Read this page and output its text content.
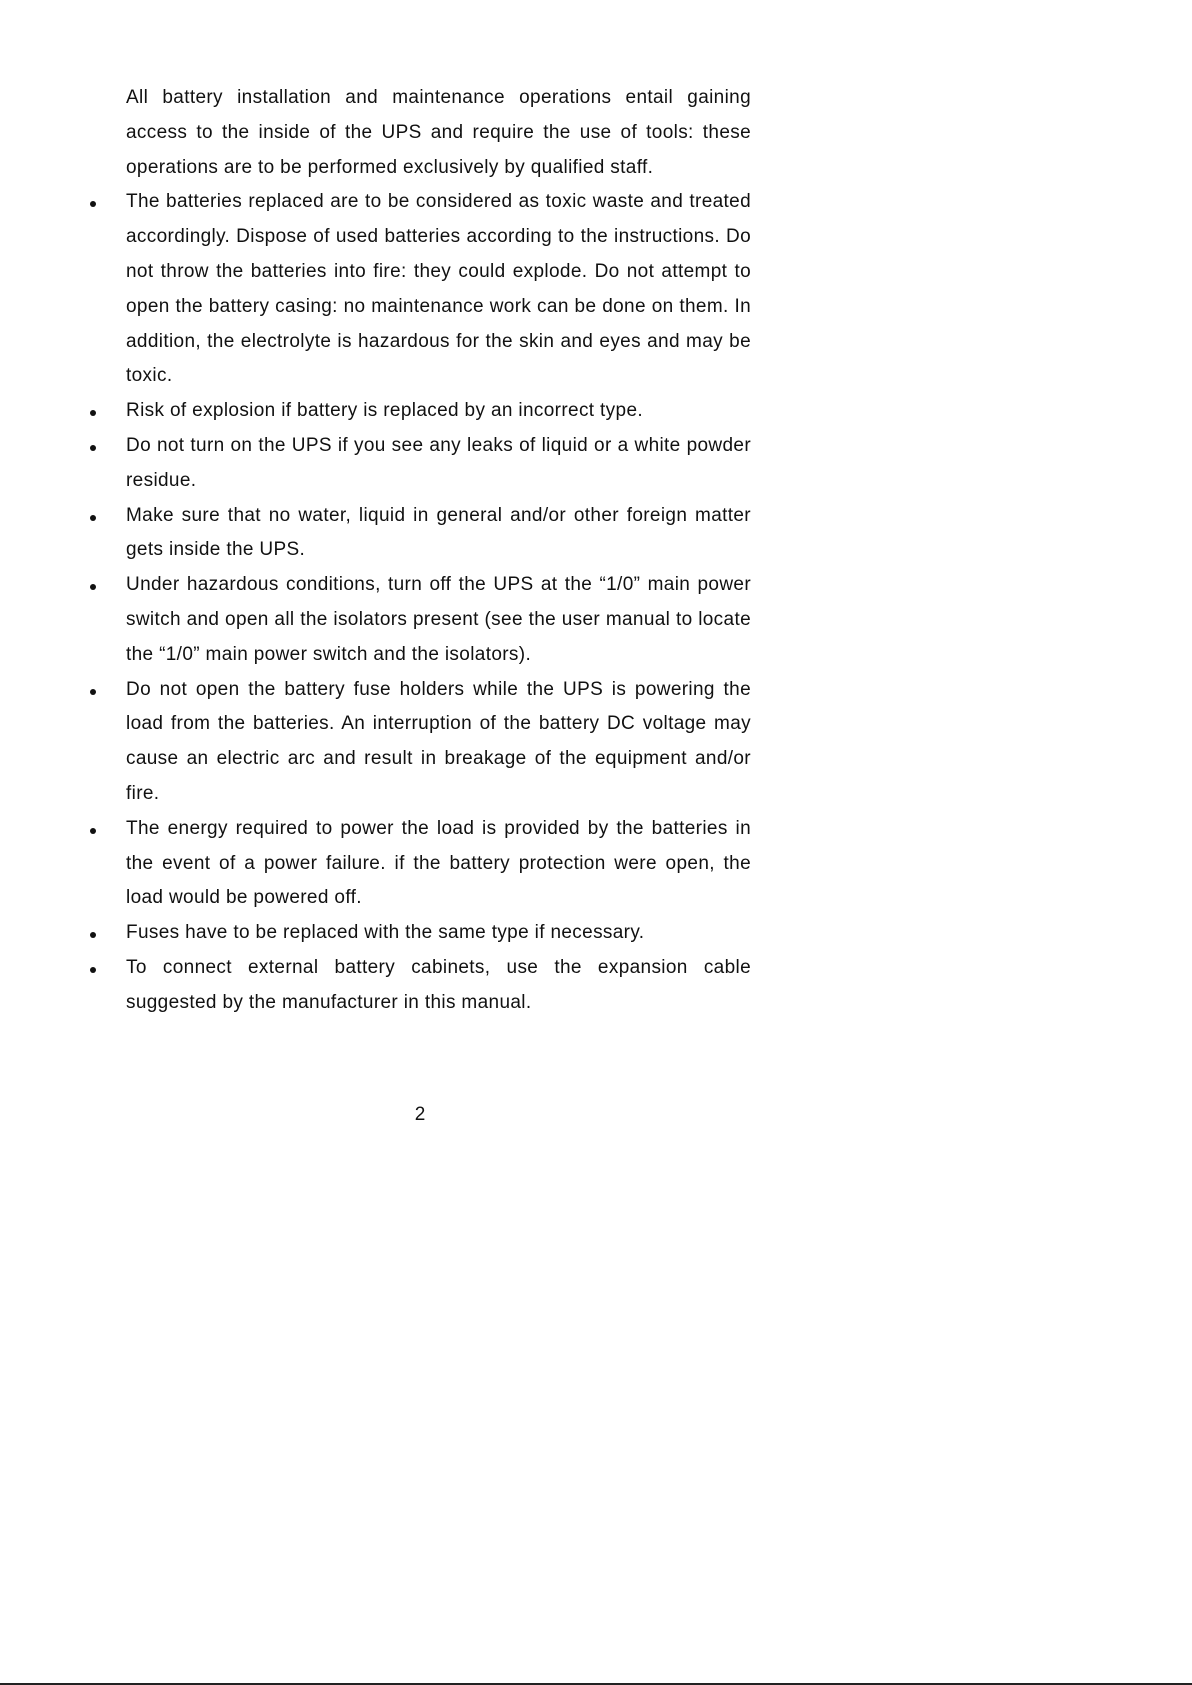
All battery installation and maintenance operations entail gaining access to the inside of the UPS and require the use of tools: these operations are to be performed exclusively by qualified staff.

The batteries replaced are to be considered as toxic waste and treated accordingly. Dispose of used batteries according to the instructions. Do not throw the batteries into fire: they could explode. Do not attempt to open the battery casing: no maintenance work can be done on them. In addition, the electrolyte is hazardous for the skin and eyes and may be toxic.
Risk of explosion if battery is replaced by an incorrect type.
Do not turn on the UPS if you see any leaks of liquid or a white powder residue.
Make sure that no water, liquid in general and/or other foreign matter gets inside the UPS.
Under hazardous conditions, turn off the UPS at the “1/0” main power switch and open all the isolators present (see the user manual to locate the “1/0” main power switch and the isolators).
Do not open the battery fuse holders while the UPS is powering the load from the batteries. An interruption of the battery DC voltage may cause an electric arc and result in breakage of the equipment and/or fire.
The energy required to power the load is provided by the batteries in the event of a power failure. if the battery protection were open, the load would be powered off.
Fuses have to be replaced with the same type if necessary.
To connect external battery cabinets, use the expansion cable suggested by the manufacturer in this manual.
2
